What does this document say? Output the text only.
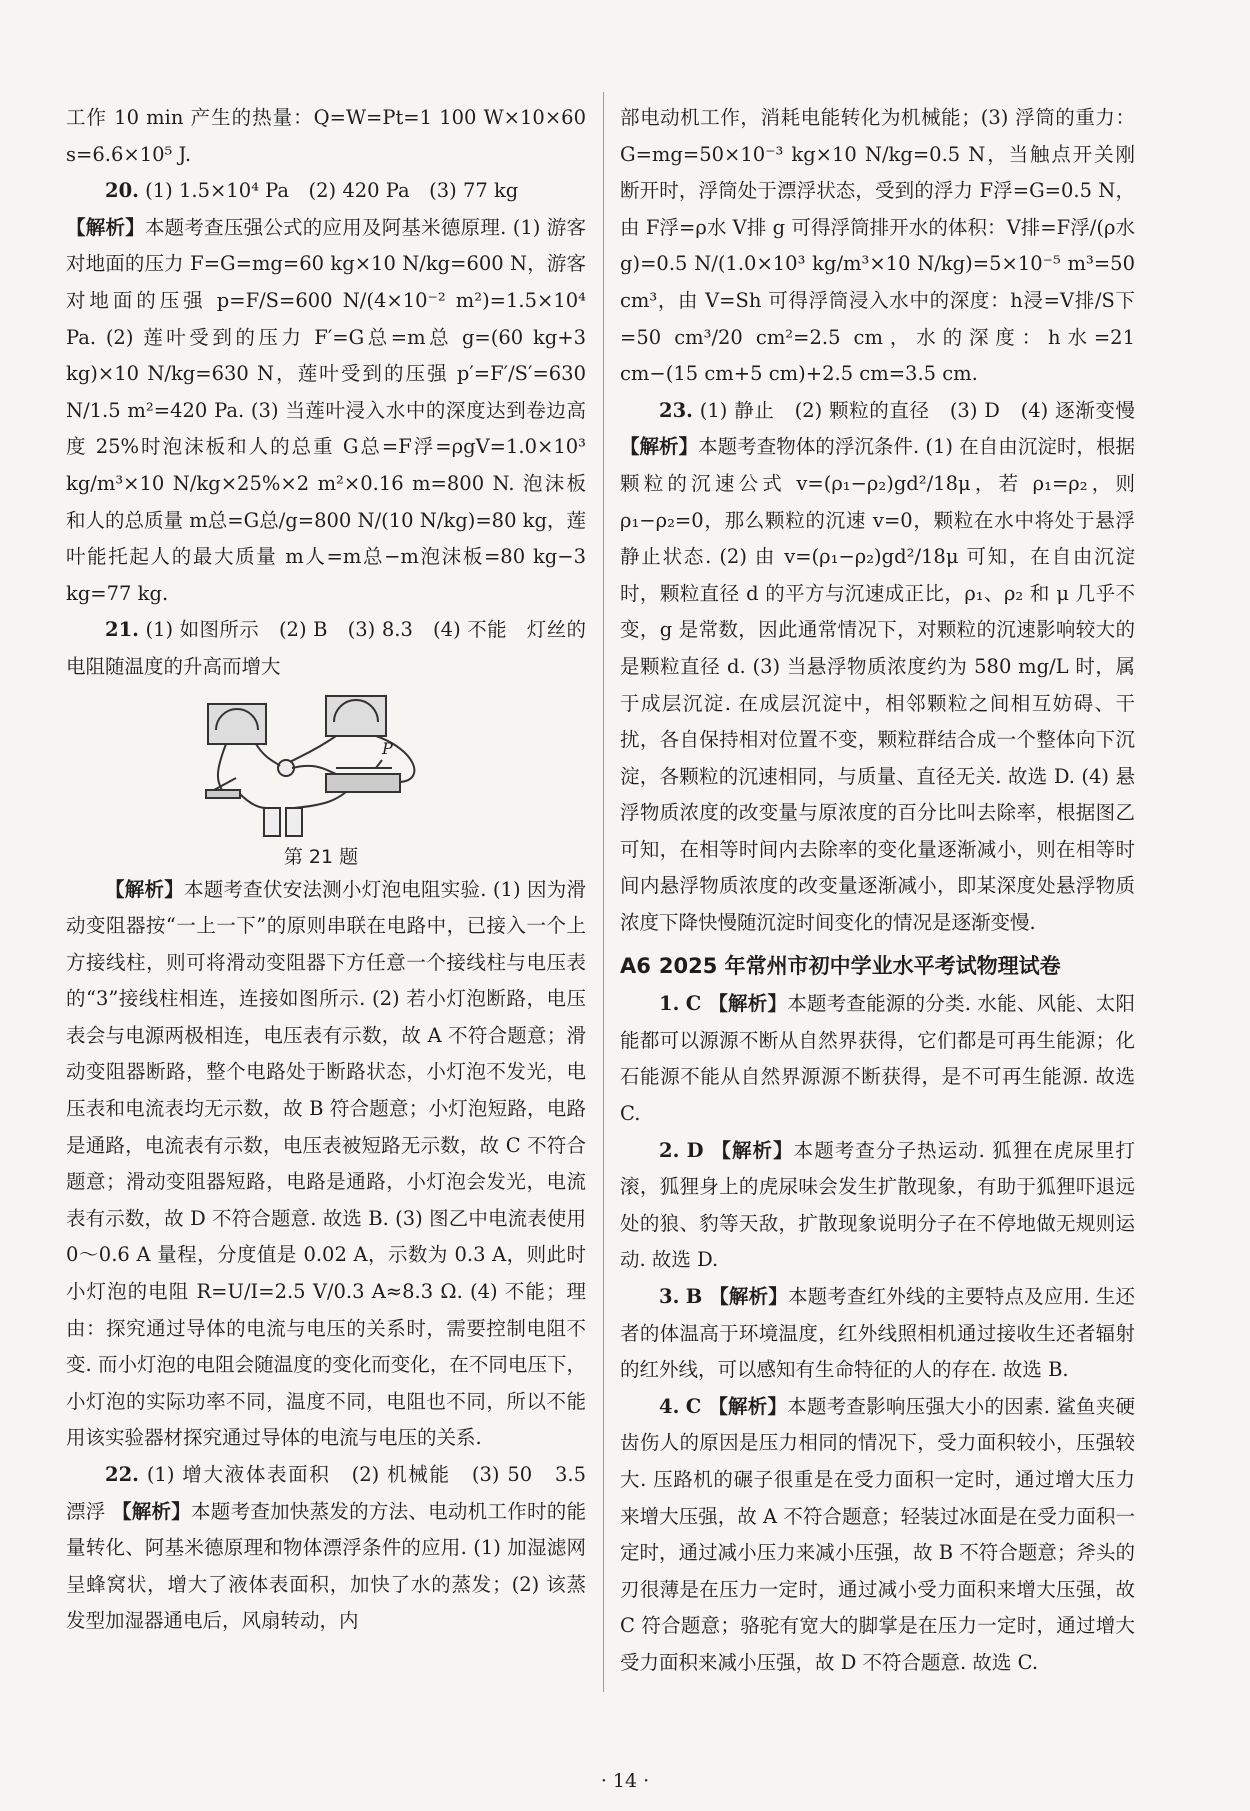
工作 10 min 产生的热量：Q=W=Pt=1 100 W×10×60 s=6.6×10⁵ J.

20. (1) 1.5×10⁴ Pa　(2) 420 Pa　(3) 77 kg

【解析】本题考查压强公式的应用及阿基米德原理. (1) 游客对地面的压力 F=G=mg=60 kg×10 N/kg=600 N，游客对地面的压强 p=F/S=600 N/(4×10⁻² m²)=1.5×10⁴ Pa. (2) 莲叶受到的压力 F′=G总=m总 g=(60 kg+3 kg)×10 N/kg=630 N，莲叶受到的压强 p′=F′/S′=630 N/1.5 m²=420 Pa. (3) 当莲叶浸入水中的深度达到卷边高度 25%时泡沫板和人的总重 G总=F浮=ρgV=1.0×10³ kg/m³×10 N/kg×25%×2 m²×0.16 m=800 N. 泡沫板和人的总质量 m总=G总/g=800 N/(10 N/kg)=80 kg，莲叶能托起人的最大质量 m人=m总−m泡沫板=80 kg−3 kg=77 kg.

21. (1) 如图所示　(2) B　(3) 8.3　(4) 不能　灯丝的电阻随温度的升高而增大

P
第 21 题

【解析】本题考查伏安法测小灯泡电阻实验. (1) 因为滑动变阻器按“一上一下”的原则串联在电路中，已接入一个上方接线柱，则可将滑动变阻器下方任意一个接线柱与电压表的“3”接线柱相连，连接如图所示. (2) 若小灯泡断路，电压表会与电源两极相连，电压表有示数，故 A 不符合题意；滑动变阻器断路，整个电路处于断路状态，小灯泡不发光，电压表和电流表均无示数，故 B 符合题意；小灯泡短路，电路是通路，电流表有示数，电压表被短路无示数，故 C 不符合题意；滑动变阻器短路，电路是通路，小灯泡会发光，电流表有示数，故 D 不符合题意. 故选 B. (3) 图乙中电流表使用 0～0.6 A 量程，分度值是 0.02 A，示数为 0.3 A，则此时小灯泡的电阻 R=U/I=2.5 V/0.3 A≈8.3 Ω. (4) 不能；理由：探究通过导体的电流与电压的关系时，需要控制电阻不变. 而小灯泡的电阻会随温度的变化而变化，在不同电压下，小灯泡的实际功率不同，温度不同，电阻也不同，所以不能用该实验器材探究通过导体的电流与电压的关系.

22. (1) 增大液体表面积　(2) 机械能　(3) 50　3.5　漂浮 【解析】本题考查加快蒸发的方法、电动机工作时的能量转化、阿基米德原理和物体漂浮条件的应用. (1) 加湿滤网呈蜂窝状，增大了液体表面积，加快了水的蒸发；(2) 该蒸发型加湿器通电后，风扇转动，内

部电动机工作，消耗电能转化为机械能；(3) 浮筒的重力：G=mg=50×10⁻³ kg×10 N/kg=0.5 N，当触点开关刚断开时，浮筒处于漂浮状态，受到的浮力 F浮=G=0.5 N，由 F浮=ρ水 V排 g 可得浮筒排开水的体积：V排=F浮/(ρ水 g)=0.5 N/(1.0×10³ kg/m³×10 N/kg)=5×10⁻⁵ m³=50 cm³，由 V=Sh 可得浮筒浸入水中的深度：h浸=V排/S下=50 cm³/20 cm²=2.5 cm，水的深度：h水=21 cm−(15 cm+5 cm)+2.5 cm=3.5 cm.

23. (1) 静止　(2) 颗粒的直径　(3) D　(4) 逐渐变慢 【解析】本题考查物体的浮沉条件. (1) 在自由沉淀时，根据颗粒的沉速公式 v=(ρ₁−ρ₂)gd²/18μ，若 ρ₁=ρ₂，则 ρ₁−ρ₂=0，那么颗粒的沉速 v=0，颗粒在水中将处于悬浮静止状态. (2) 由 v=(ρ₁−ρ₂)gd²/18μ 可知，在自由沉淀时，颗粒直径 d 的平方与沉速成正比，ρ₁、ρ₂ 和 μ 几乎不变，g 是常数，因此通常情况下，对颗粒的沉速影响较大的是颗粒直径 d. (3) 当悬浮物质浓度约为 580 mg/L 时，属于成层沉淀. 在成层沉淀中，相邻颗粒之间相互妨碍、干扰，各自保持相对位置不变，颗粒群结合成一个整体向下沉淀，各颗粒的沉速相同，与质量、直径无关. 故选 D. (4) 悬浮物质浓度的改变量与原浓度的百分比叫去除率，根据图乙可知，在相等时间内去除率的变化量逐渐减小，则在相等时间内悬浮物质浓度的改变量逐渐减小，即某深度处悬浮物质浓度下降快慢随沉淀时间变化的情况是逐渐变慢.

A6 2025 年常州市初中学业水平考试物理试卷

1. C 【解析】本题考查能源的分类. 水能、风能、太阳能都可以源源不断从自然界获得，它们都是可再生能源；化石能源不能从自然界源源不断获得，是不可再生能源. 故选 C.

2. D 【解析】本题考查分子热运动. 狐狸在虎尿里打滚，狐狸身上的虎尿味会发生扩散现象，有助于狐狸吓退远处的狼、豹等天敌，扩散现象说明分子在不停地做无规则运动. 故选 D.

3. B 【解析】本题考查红外线的主要特点及应用. 生还者的体温高于环境温度，红外线照相机通过接收生还者辐射的红外线，可以感知有生命特征的人的存在. 故选 B.

4. C 【解析】本题考查影响压强大小的因素. 鲨鱼夹硬齿伤人的原因是压力相同的情况下，受力面积较小，压强较大. 压路机的碾子很重是在受力面积一定时，通过增大压力来增大压强，故 A 不符合题意；轻装过冰面是在受力面积一定时，通过减小压力来减小压强，故 B 不符合题意；斧头的刃很薄是在压力一定时，通过减小受力面积来增大压强，故 C 符合题意；骆驼有宽大的脚掌是在压力一定时，通过增大受力面积来减小压强，故 D 不符合题意. 故选 C.

· 14 ·
